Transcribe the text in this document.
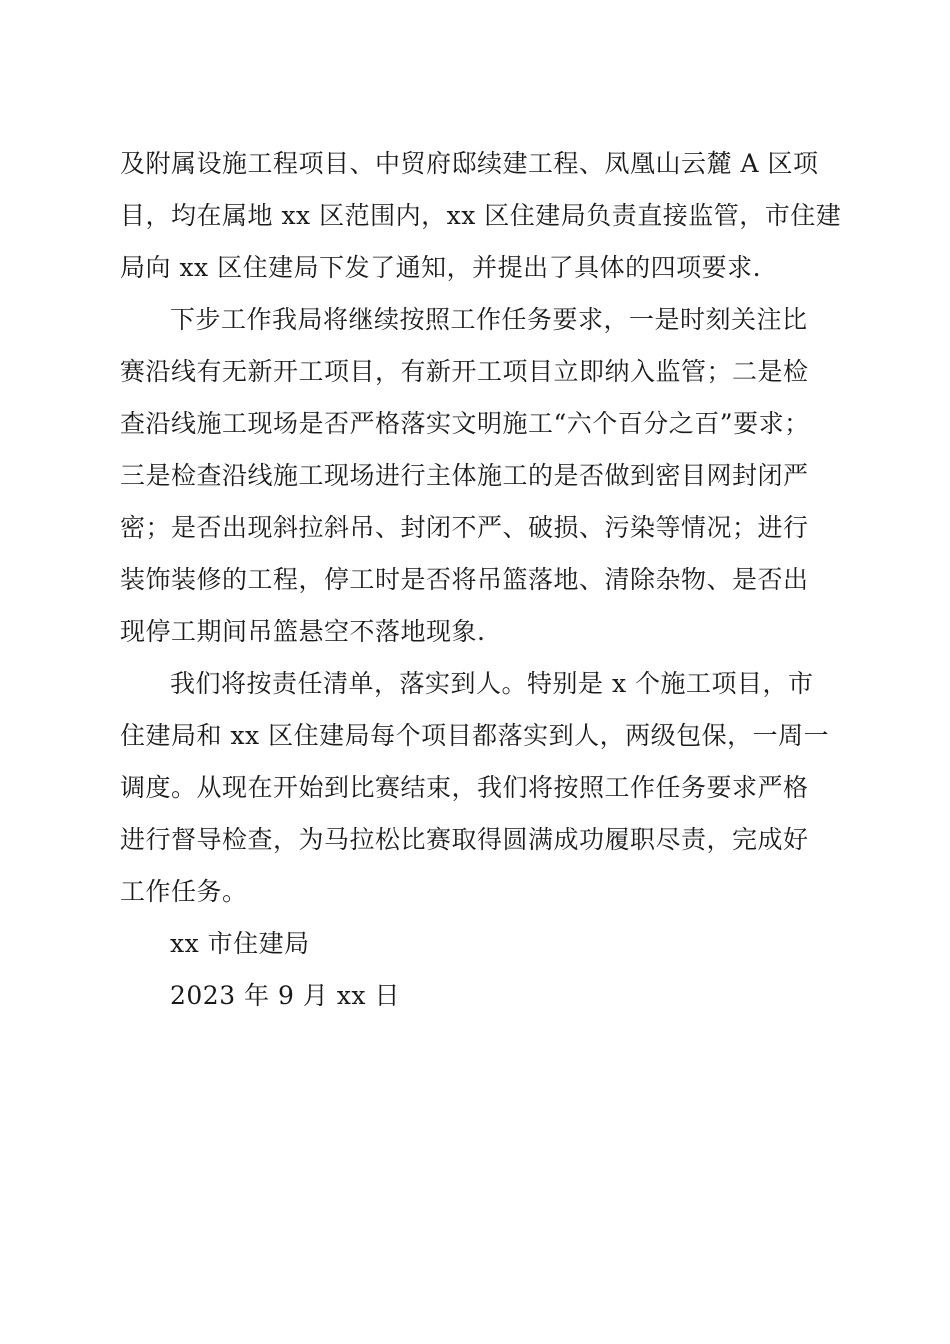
及附属设施工程项目、中贸府邸续建工程、凤凰山云麓 A 区项
目，均在属地 xx 区范围内，xx 区住建局负责直接监管，市住建
局向 xx 区住建局下发了通知，并提出了具体的四项要求.
下步工作我局将继续按照工作任务要求，一是时刻关注比
赛沿线有无新开工项目，有新开工项目立即纳入监管；二是检
查沿线施工现场是否严格落实文明施工“六个百分之百”要求；
三是检查沿线施工现场进行主体施工的是否做到密目网封闭严
密；是否出现斜拉斜吊、封闭不严、破损、污染等情况；进行
装饰装修的工程，停工时是否将吊篮落地、清除杂物、是否出
现停工期间吊篮悬空不落地现象.
我们将按责任清单，落实到人。特别是 x 个施工项目，市
住建局和 xx 区住建局每个项目都落实到人，两级包保，一周一
调度。从现在开始到比赛结束，我们将按照工作任务要求严格
进行督导检查，为马拉松比赛取得圆满成功履职尽责，完成好
工作任务。
xx 市住建局
2023 年 9 月 xx 日
